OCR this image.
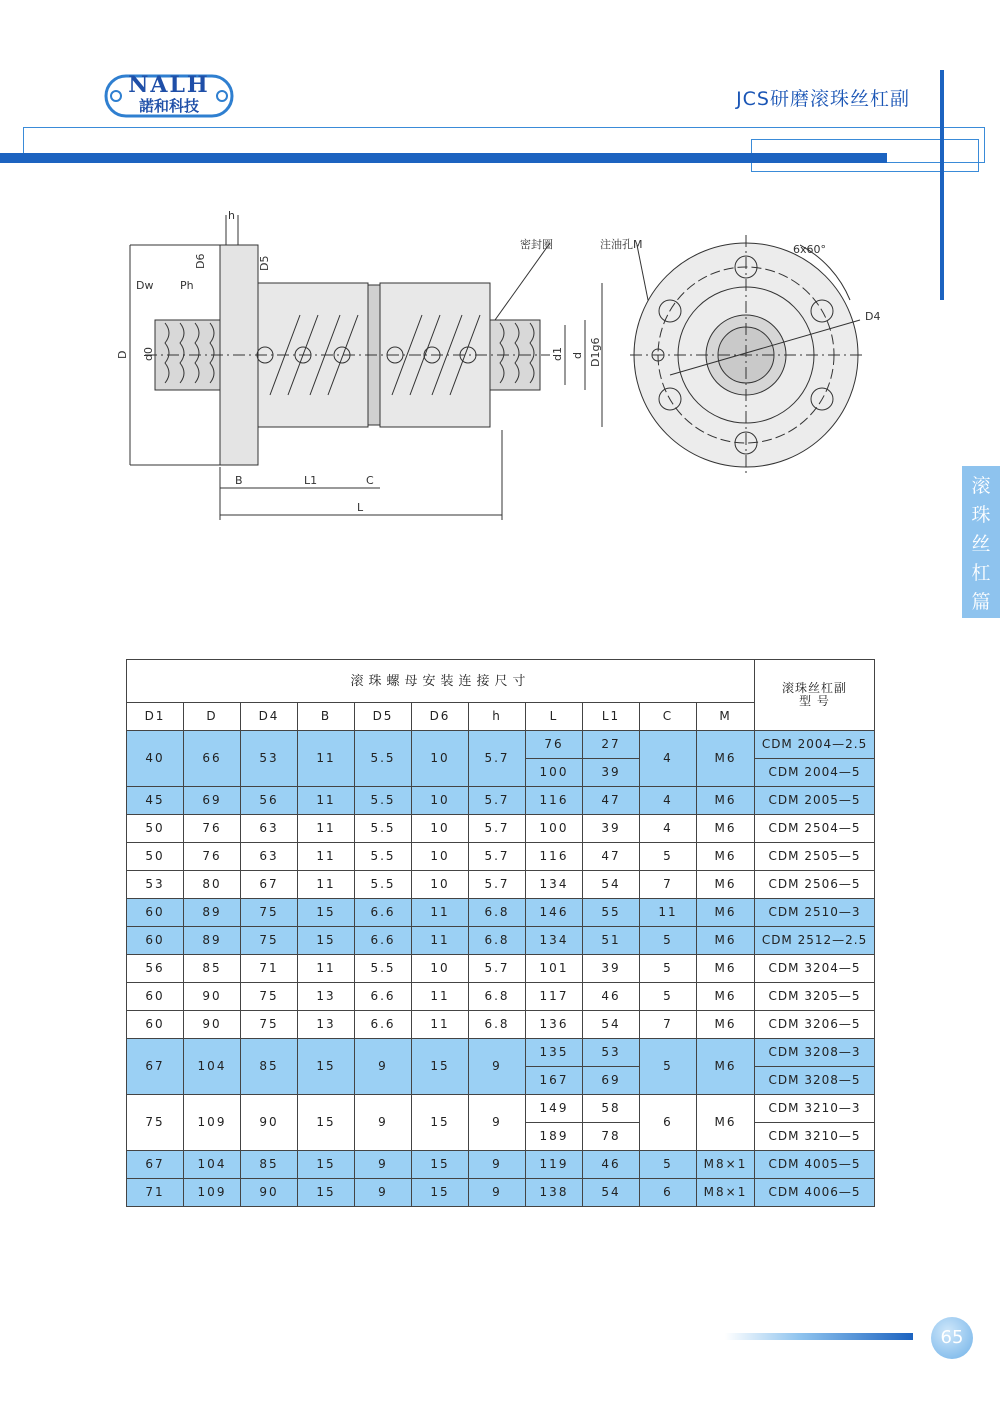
NALH
諾和科技	JCS研磨滚珠丝杠副
滚
珠
丝
杠
篇
h
D6	D5
Dw Ph
D d0	d1 d D1g6
B	L1	C
L
密封圈	注油孔M	6x60°
D4
滚珠螺母安装连接尺寸											滚珠丝杠副
型 号

D1	D	D4	B	D5	D6	h	L	L1	C	M	
40	66	53	11	5.5	10	5.7	76	27	4	M6	CDM 2004—2.5
							100	39			CDM 2004—5
45	69	56	11	5.5	10	5.7	116	47	4	M6	CDM 2005—5
50	76	63	11	5.5	10	5.7	100	39	4	M6	CDM 2504—5
50	76	63	11	5.5	10	5.7	116	47	5	M6	CDM 2505—5
53	80	67	11	5.5	10	5.7	134	54	7	M6	CDM 2506—5
60	89	75	15	6.6	11	6.8	146	55	11	M6	CDM 2510—3
60	89	75	15	6.6	11	6.8	134	51	5	M6	CDM 2512—2.5
56	85	71	11	5.5	10	5.7	101	39	5	M6	CDM 3204—5
60	90	75	13	6.6	11	6.8	117	46	5	M6	CDM 3205—5
60	90	75	13	6.6	11	6.8	136	54	7	M6	CDM 3206—5
67	104	85	15	9	15	9	135	53	5	M6	CDM 3208—3
							167	69			CDM 3208—5
75	109	90	15	9	15	9	149	58	6	M6	CDM 3210—3
							189	78			CDM 3210—5
67	104	85	15	9	15	9	119	46	5	M8×1	CDM 4005—5
71	109	90	15	9	15	9	138	54	6	M8×1	CDM 4006—5
65
